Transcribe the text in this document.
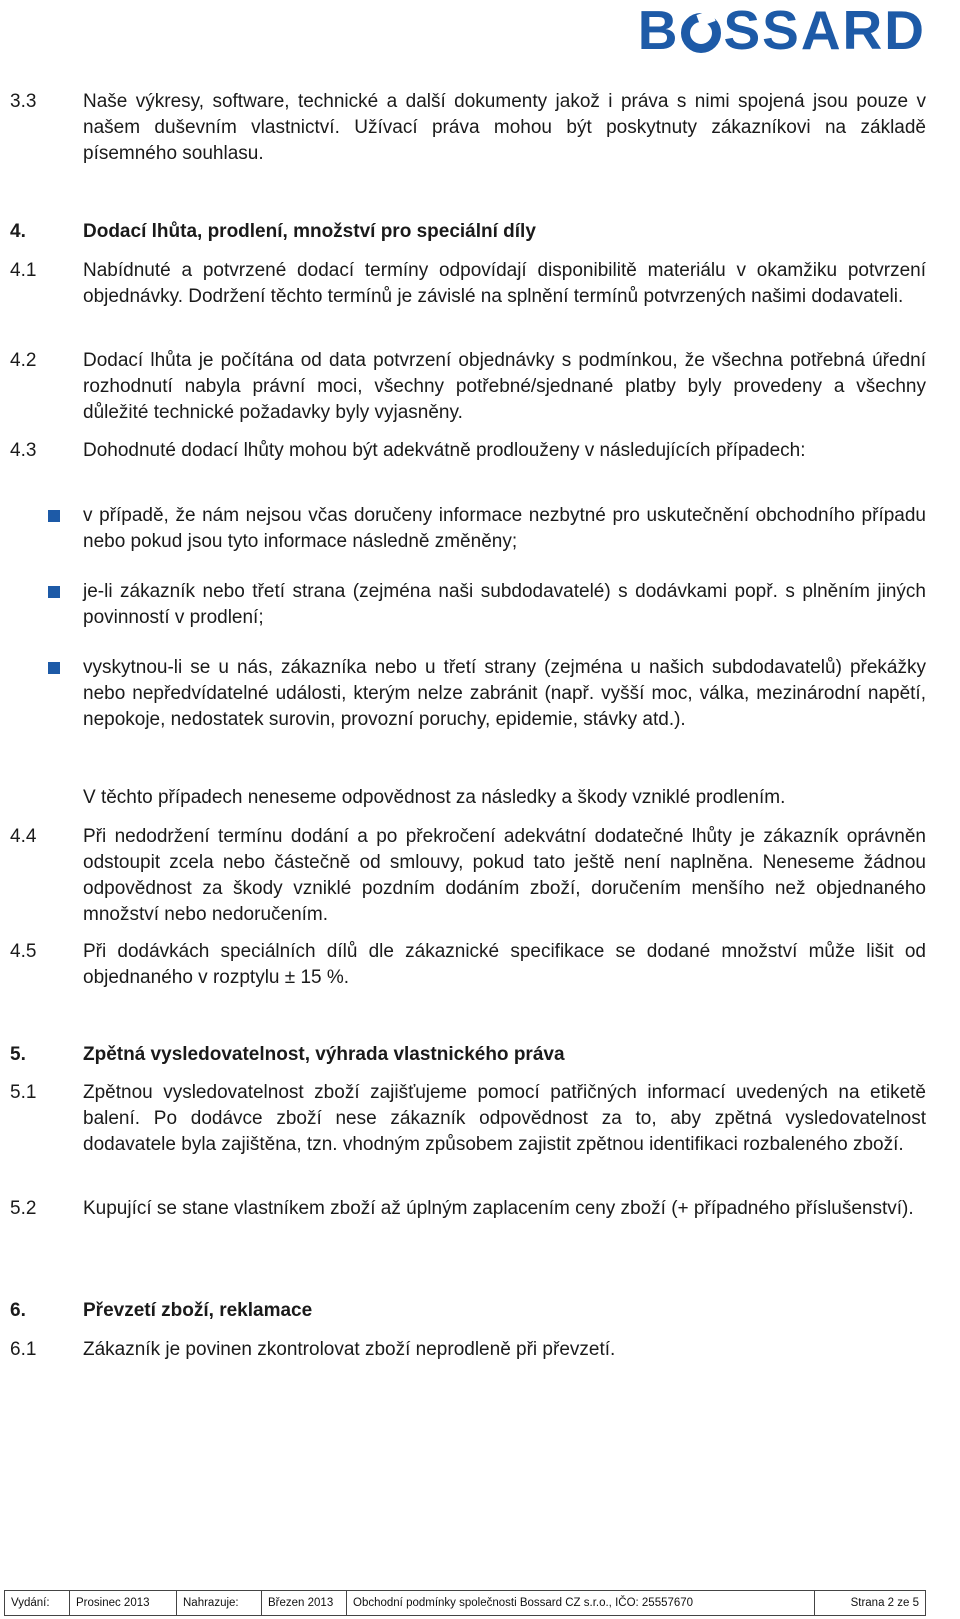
B SSARD
3.3	Naše výkresy, software, technické a další dokumenty jakož i práva s nimi spojená jsou pouze v našem duševním vlastnictví. Užívací práva mohou být poskytnuty zákazníkovi na základě písemného souhlasu.
4.	Dodací lhůta, prodlení, množství pro speciální díly
4.1	Nabídnuté a potvrzené dodací termíny odpovídají disponibilitě materiálu v okamžiku potvrzení objednávky. Dodržení těchto termínů je závislé na splnění termínů potvrzených našimi dodavateli.
4.2	Dodací lhůta je počítána od data potvrzení objednávky s podmínkou, že všechna potřebná úřední rozhodnutí nabyla právní moci, všechny potřebné/sjednané platby byly provedeny a všechny důležité technické požadavky byly vyjasněny.
4.3	Dohodnuté dodací lhůty mohou být adekvátně prodlouženy v následujících případech:
v případě, že nám nejsou včas doručeny informace nezbytné pro uskutečnění obchodního případu nebo pokud jsou tyto informace následně změněny;
je-li zákazník nebo třetí strana (zejména naši subdodavatelé) s dodávkami popř. s plněním jiných povinností v prodlení;
vyskytnou-li se u nás, zákazníka nebo u třetí strany (zejména u našich subdodavatelů) překážky nebo nepředvídatelné události, kterým nelze zabránit (např. vyšší moc, válka, mezinárodní napětí, nepokoje, nedostatek surovin, provozní poruchy, epidemie, stávky atd.).
V těchto případech neneseme odpovědnost za následky a škody vzniklé prodlením.
4.4	Při nedodržení termínu dodání a po překročení adekvátní dodatečné lhůty je zákazník oprávněn odstoupit zcela nebo částečně od smlouvy, pokud tato ještě není naplněna. Neneseme žádnou odpovědnost za škody vzniklé pozdním dodáním zboží, doručením menšího než objednaného množství nebo nedoručením.
4.5	Při dodávkách speciálních dílů dle zákaznické specifikace se dodané množství může lišit od objednaného v rozptylu ± 15 %.
5.	Zpětná vysledovatelnost, výhrada vlastnického práva
5.1	Zpětnou vysledovatelnost zboží zajišťujeme pomocí patřičných informací uvedených na etiketě balení. Po dodávce zboží nese zákazník odpovědnost za to, aby zpětná vysledovatelnost dodavatele byla zajištěna, tzn. vhodným způsobem zajistit zpětnou identifikaci rozbaleného zboží.
5.2	Kupující se stane vlastníkem zboží až úplným zaplacením ceny zboží (+ případného příslušenství).
6.	Převzetí zboží, reklamace
6.1	Zákazník je povinen zkontrolovat zboží neprodleně při převzetí.
Vydání:	Prosinec 2013	Nahrazuje:	Březen 2013	Obchodní podmínky společnosti Bossard CZ s.r.o., IČO: 25557670	Strana 2 ze 5
